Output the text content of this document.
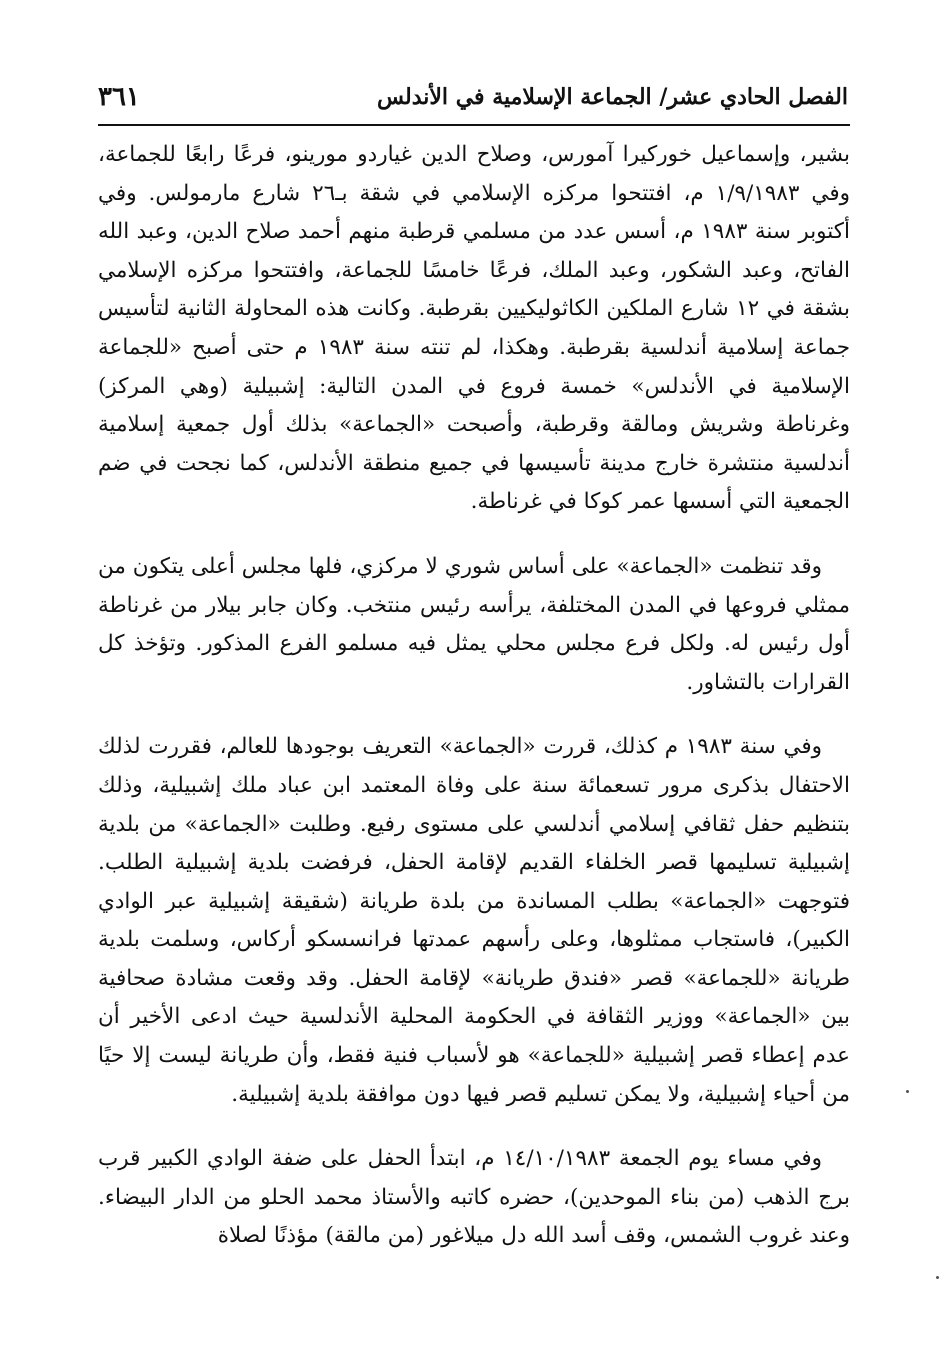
الفصل الحادي عشر/ الجماعة الإسلامية في الأندلس
٣٦١

بشير، وإسماعيل خوركيرا آمورس، وصلاح الدين غياردو مورينو، فرعًا رابعًا للجماعة، وفي ١/٩/١٩٨٣ م، افتتحوا مركزه الإسلامي في شقة بـ٢٦ شارع مارمولس. وفي أكتوبر سنة ١٩٨٣ م، أسس عدد من مسلمي قرطبة منهم أحمد صلاح الدين، وعبد الله الفاتح، وعبد الشكور، وعبد الملك، فرعًا خامسًا للجماعة، وافتتحوا مركزه الإسلامي بشقة في ١٢ شارع الملكين الكاثوليكيين بقرطبة. وكانت هذه المحاولة الثانية لتأسيس جماعة إسلامية أندلسية بقرطبة. وهكذا، لم تنته سنة ١٩٨٣ م حتى أصبح «للجماعة الإسلامية في الأندلس» خمسة فروع في المدن التالية: إشبيلية (وهي المركز) وغرناطة وشريش ومالقة وقرطبة، وأصبحت «الجماعة» بذلك أول جمعية إسلامية أندلسية منتشرة خارج مدينة تأسيسها في جميع منطقة الأندلس، كما نجحت في ضم الجمعية التي أسسها عمر كوكا في غرناطة.

وقد تنظمت «الجماعة» على أساس شوري لا مركزي، فلها مجلس أعلى يتكون من ممثلي فروعها في المدن المختلفة، يرأسه رئيس منتخب. وكان جابر بيلار من غرناطة أول رئيس له. ولكل فرع مجلس محلي يمثل فيه مسلمو الفرع المذكور. وتؤخذ كل القرارات بالتشاور.

وفي سنة ١٩٨٣ م كذلك، قررت «الجماعة» التعريف بوجودها للعالم، فقررت لذلك الاحتفال بذكرى مرور تسعمائة سنة على وفاة المعتمد ابن عباد ملك إشبيلية، وذلك بتنظيم حفل ثقافي إسلامي أندلسي على مستوى رفيع. وطلبت «الجماعة» من بلدية إشبيلية تسليمها قصر الخلفاء القديم لإقامة الحفل، فرفضت بلدية إشبيلية الطلب. فتوجهت «الجماعة» بطلب المساندة من بلدة طريانة (شقيقة إشبيلية عبر الوادي الكبير)، فاستجاب ممثلوها، وعلى رأسهم عمدتها فرانسسكو أركاس، وسلمت بلدية طريانة «للجماعة» قصر «فندق طريانة» لإقامة الحفل. وقد وقعت مشادة صحافية بين «الجماعة» ووزير الثقافة في الحكومة المحلية الأندلسية حيث ادعى الأخير أن عدم إعطاء قصر إشبيلية «للجماعة» هو لأسباب فنية فقط، وأن طريانة ليست إلا حيًا من أحياء إشبيلية، ولا يمكن تسليم قصر فيها دون موافقة بلدية إشبيلية.

وفي مساء يوم الجمعة ١٤/١٠/١٩٨٣ م، ابتدأ الحفل على ضفة الوادي الكبير قرب برج الذهب (من بناء الموحدين)، حضره كاتبه والأستاذ محمد الحلو من الدار البيضاء. وعند غروب الشمس، وقف أسد الله دل ميلاغور (من مالقة) مؤذنًا لصلاة
